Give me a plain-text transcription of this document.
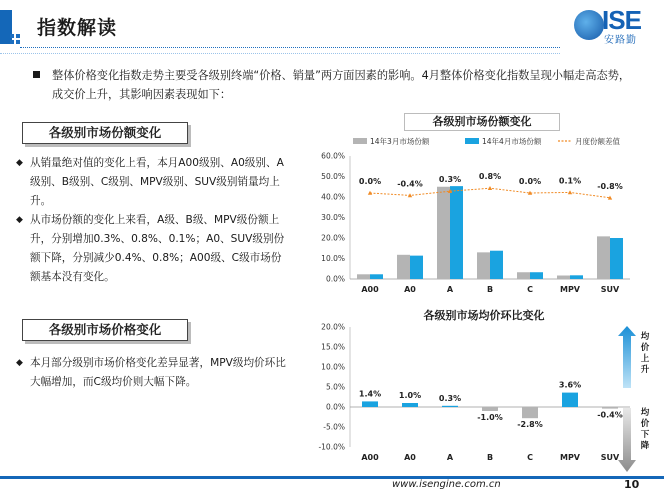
指数解读	ISE
安路勤
整体价格变化指数走势主要受各级别终端“价格、销量”两方面因素的影响。4月整体价格变化指数呈现小幅走高态势，成交价上升，其影响因素表现如下：
各级别市场份额变化
◆ 从销量绝对值的变化上看，本月A00级别、A0级别、A级别、B级别、C级别、MPV级别、SUV级别销量均上升。
◆ 从市场份额的变化上来看，A级、B级、MPV级份额上升，分别增加0.3%、0.8%、0.1%；A0、SUV级别份额下降，分别减少0.4%、0.8%；A00级、C级市场份额基本没有变化。
各级别市场价格变化
◆ 本月部分级别市场价格变化差异显著，MPV级均价环比大幅增加，而C级均价则大幅下降。
各级别市场份额变化
14年3月市场份额	14年4月市场份额	月度份额差值
0.0%
10.0%
20.0%
30.0%
40.0%
50.0%
60.0%
0.0% -0.4% 0.3% 0.8%
0.0% 0.1%
-0.8%
A00	A0	A	B	C	MPV	SUV
各级别市场均价环比变化
-10.0%
-5.0%
0.0%
5.0%
10.0%
15.0%
20.0%
1.4% 1.0% 0.3%
-1.0%
-2.8%
3.6%
-0.4%
A00	A0	A	B	C	MPV	SUV
均价上升
均价下降
www.isengine.com.cn	10
